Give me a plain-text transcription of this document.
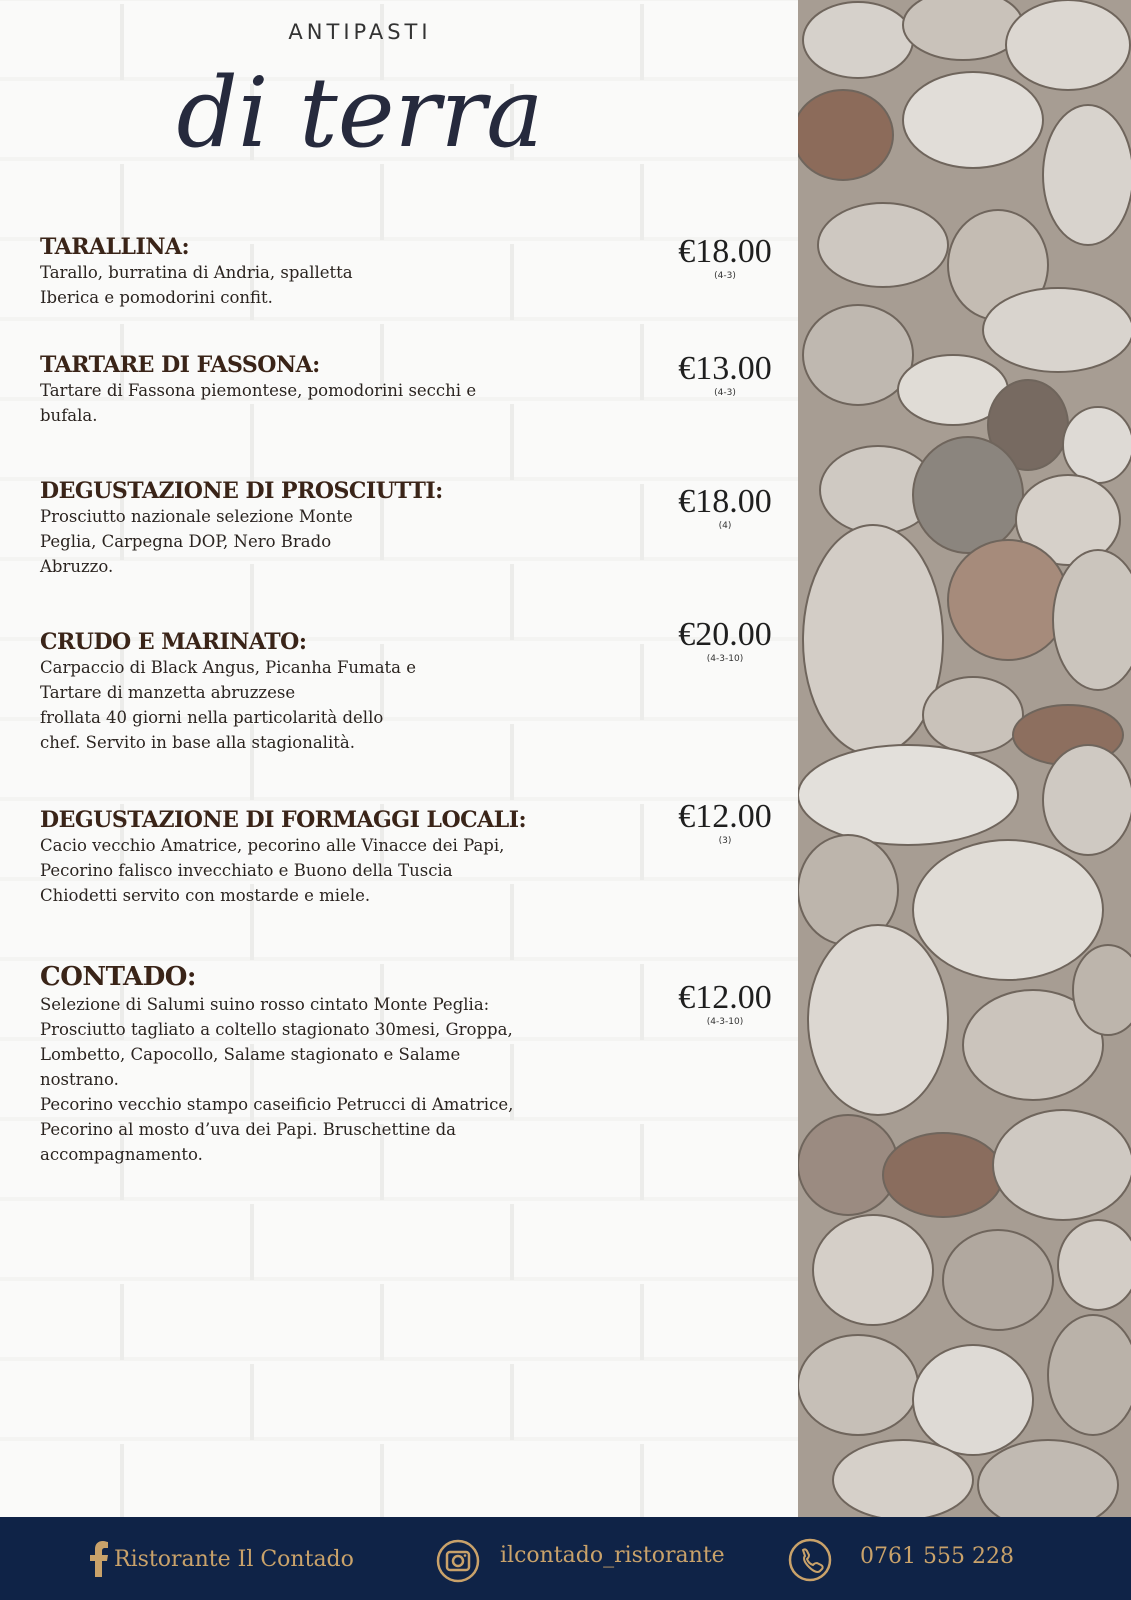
ANTIPASTI
di terra
TARALLINA:
Tarallo, burratina di Andria, spalletta
Iberica e pomodorini confit.
€18.00
(4-3)
TARTARE DI FASSONA:
Tartare di Fassona piemontese, pomodorini secchi e
bufala.
€13.00
(4-3)
DEGUSTAZIONE DI PROSCIUTTI:
Prosciutto nazionale selezione Monte
Peglia, Carpegna DOP, Nero Brado
Abruzzo.
€18.00
(4)
CRUDO E MARINATO:
Carpaccio di Black Angus, Picanha Fumata e
Tartare di manzetta abruzzese
frollata 40 giorni nella particolarità dello
chef. Servito in base alla stagionalità.
€20.00
(4-3-10)
DEGUSTAZIONE DI FORMAGGI LOCALI:
Cacio vecchio Amatrice, pecorino alle Vinacce dei Papi,
Pecorino falisco invecchiato e Buono della Tuscia
Chiodetti servito con mostarde e miele.
€12.00
(3)
CONTADO:
Selezione di Salumi suino rosso cintato Monte Peglia:
Prosciutto tagliato a coltello stagionato 30mesi, Groppa,
Lombetto, Capocollo, Salame stagionato e Salame
nostrano.
Pecorino vecchio stampo caseificio Petrucci di Amatrice,
Pecorino al mosto d’uva dei Papi. Bruschettine da
accompagnamento.
€12.00
(4-3-10)
Ristorante Il Contado	ilcontado_ristorante	0761 555 228
